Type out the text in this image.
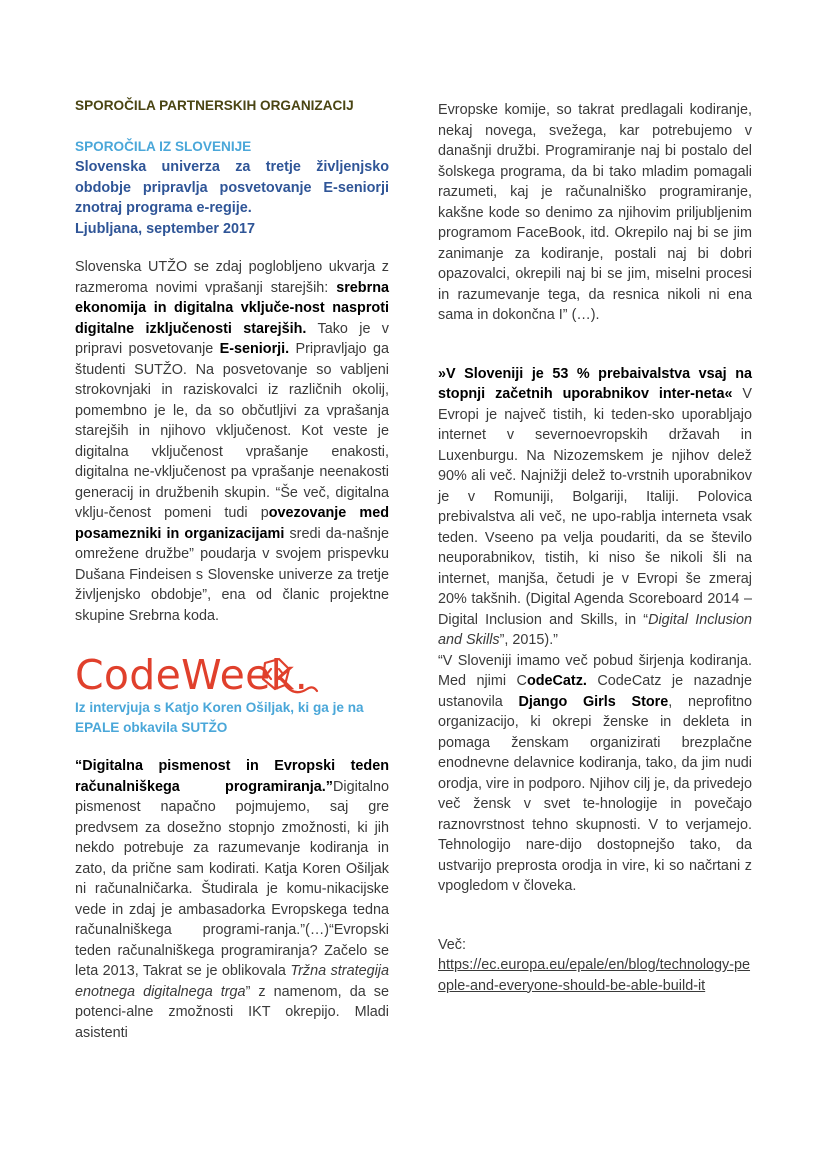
SPOROČILA PARTNERSKIH ORGANIZACIJ
SPOROČILA IZ SLOVENIJE
Slovenska univerza za tretje življenjsko obdobje pripravlja posvetovanje E-seniorji znotraj programa e-regije.
Ljubljana, september 2017

Slovenska UTŽO se zdaj poglobljeno ukvarja z razmeroma novimi vprašanji starejših: srebrna ekonomija in digitalna vključe-nost nasproti digitalne izključenosti starejših. Tako je v pripravi posvetovanje E-seniorji. Pripravljajo ga študenti SUTŽO. Na posvetovanje so vabljeni strokovnjaki in raziskovalci iz različnih okolij, pomembno je le, da so občutljivi za vprašanja starejših in njihovo vključenost. Kot veste je digitalna vključenost vprašanje enakosti, digitalna ne-vključenost pa vprašanje neenakosti generacij in družbenih skupin. “Še več, digitalna vklju-čenost pomeni tudi povezovanje med posamezniki in organizacijami sredi da-našnje omrežene družbe” poudarja v svojem prispevku Dušana Findeisen s Slovenske univerze za tretje življenjsko obdobje”, ena od članic projektne skupine Srebrna koda.

CodeWeek.
Iz intervjuja s Katjo Koren Ošiljak, ki ga je na EPALE obkavila SUTŽO

“Digitalna pismenost in Evropski teden računalniškega programiranja.”Digitalno pismenost napačno pojmujemo, saj gre predvsem za dosežno stopnjo zmožnosti, ki jih nekdo potrebuje za razumevanje kodiranja in zato, da prične sam kodirati. Katja Koren Ošiljak ni računalničarka. Študirala je komu-nikacijske vede in zdaj je ambasadorka Evropskega tedna računalniškega programi-ranja.”(…)“Evropski teden računalniškega programiranja? Začelo se leta 2013, Takrat se je oblikovala Tržna strategija enotnega digitalnega trga” z namenom, da se potenci-alne zmožnosti IKT okrepijo. Mladi asistenti

Evropske komije, so takrat predlagali kodiranje, nekaj novega, svežega, kar potrebujemo v današnji družbi. Programiranje naj bi postalo del šolskega programa, da bi tako mladim pomagali razumeti, kaj je računalniško programiranje, kakšne kode so denimo za njihovim priljubljenim programom FaceBook, itd. Okrepilo naj bi se jim zanimanje za kodiranje, postali naj bi dobri opazovalci, okrepili naj bi se jim, miselni procesi in razumevanje tega, da resnica nikoli ni ena sama in dokončna I” (…).

»V Sloveniji je 53 % prebaivalstva vsaj na stopnji začetnih uporabnikov inter-neta« V Evropi je največ tistih, ki teden-sko uporabljajo internet v severnoevropskih državah in Luxenburgu. Na Nizozemskem je njihov delež 90% ali več. Najnižji delež to-vrstnih uporabnikov je v Romuniji, Bolgariji, Italiji. Polovica prebivalstva ali več, ne upo-rablja interneta vsak teden. Vseeno pa velja poudariti, da se število neuporabnikov, tistih, ki niso še nikoli šli na internet, manjša, četudi je v Evropi še zmeraj 20% takšnih. (Digital Agenda Scoreboard 2014 – Digital Inclusion and Skills, in “Digital Inclusion and Skills”, 2015).”

“V Sloveniji imamo več pobud širjenja kodiranja. Med njimi CodeCatz. CodeCatz je nazadnje ustanovila Django Girls Store, neprofitno organizacijo, ki okrepi ženske in dekleta in pomaga ženskam organizirati brezplačne enodnevne delavnice kodiranja, tako, da jim nudi orodja, vire in podporo. Njihov cilj je, da privedejo več žensk v svet te-hnologije in povečajo raznovrstnost tehno skupnosti. V to verjamejo. Tehnologijo nare-dijo dostopnejšo tako, da ustvarijo preprosta orodja in vire, ki so načrtani z vpogledom v človeka.

Več:

https://ec.europa.eu/epale/en/blog/technology-people-and-everyone-should-be-able-build-it
